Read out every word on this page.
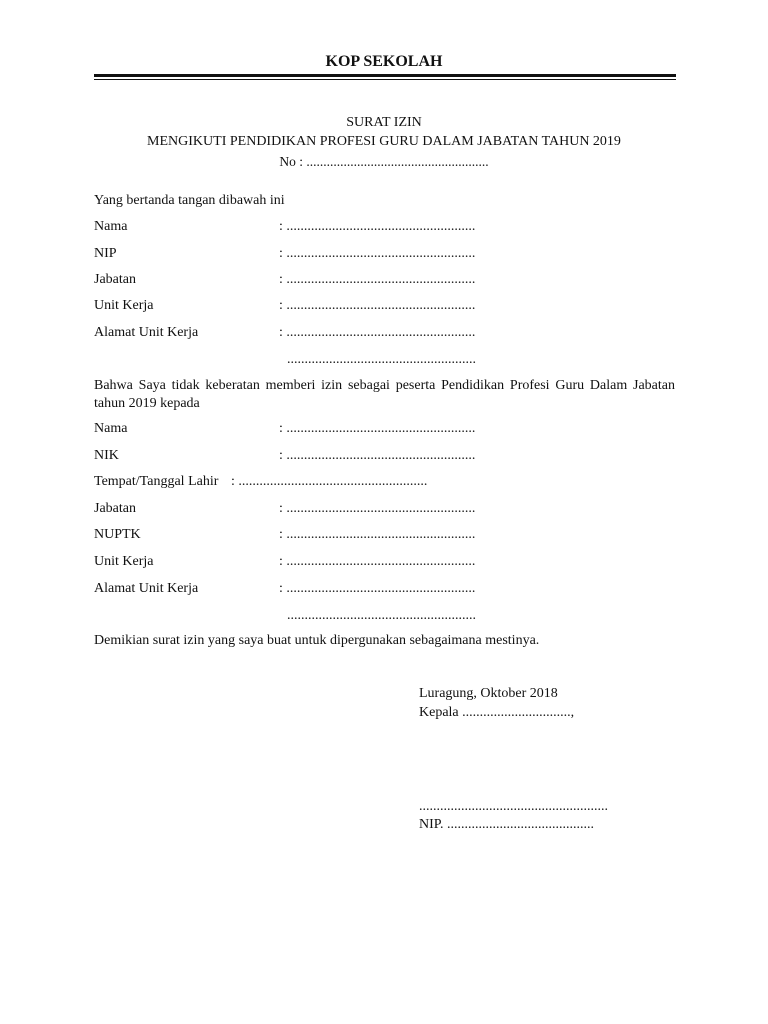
KOP SEKOLAH
SURAT IZIN
MENGIKUTI PENDIDIKAN PROFESI GURU DALAM JABATAN TAHUN 2019
No : ......................................................
Yang bertanda tangan dibawah ini
Nama	: ......................................................
NIP	: ......................................................
Jabatan	: ......................................................
Unit Kerja	: ......................................................
Alamat Unit Kerja	: ......................................................
......................................................
Bahwa Saya tidak keberatan memberi izin sebagai peserta Pendidikan Profesi Guru Dalam Jabatan tahun 2019 kepada
Nama	: ......................................................
NIK	: ......................................................
Tempat/Tanggal Lahir : ......................................................
Jabatan	: ......................................................
NUPTK	: ......................................................
Unit Kerja	: ......................................................
Alamat Unit Kerja	: ......................................................
......................................................
Demikian surat izin yang saya buat untuk dipergunakan sebagaimana mestinya.
Luragung, Oktober 2018
Kepala ...............................,
......................................................
NIP. ..........................................
